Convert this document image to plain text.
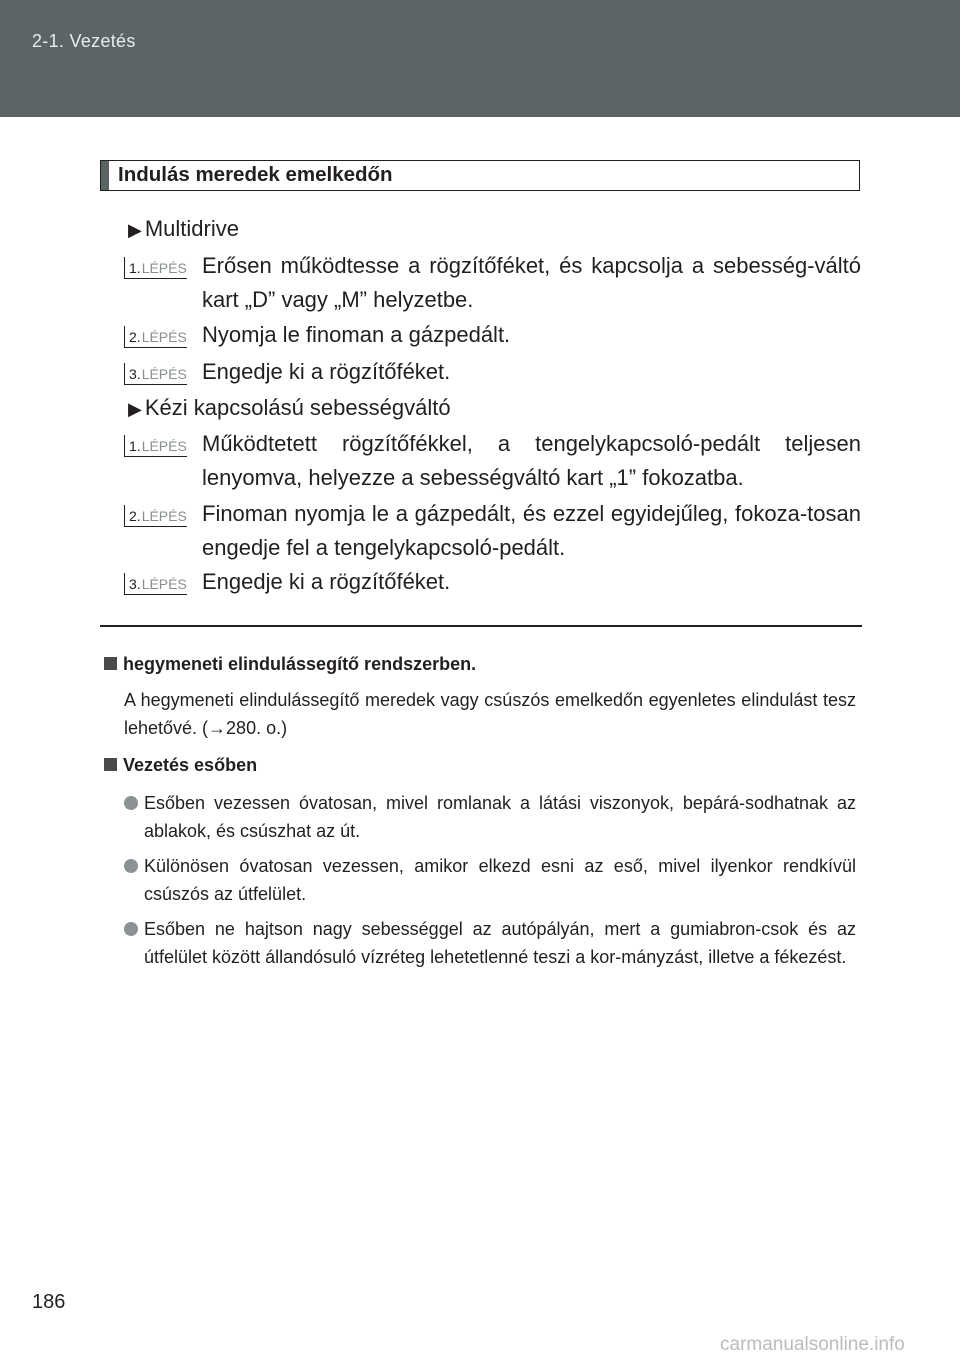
2-1. Vezetés
Indulás meredek emelkedőn
▶ Multidrive
1. LÉPÉS Erősen működtesse a rögzítőféket, és kapcsolja a sebesség-váltó kart „D” vagy „M” helyzetbe.
2. LÉPÉS Nyomja le finoman a gázpedált.
3. LÉPÉS Engedje ki a rögzítőféket.
▶ Kézi kapcsolású sebességváltó
1. LÉPÉS Működtetett rögzítőfékkel, a tengelykapcsoló-pedált teljesen lenyomva, helyezze a sebességváltó kart „1” fokozatba.
2. LÉPÉS Finoman nyomja le a gázpedált, és ezzel egyidejűleg, fokoza-tosan engedje fel a tengelykapcsoló-pedált.
3. LÉPÉS Engedje ki a rögzítőféket.
hegymeneti elindulássegítő rendszerben.
A hegymeneti elindulássegítő meredek vagy csúszós emelkedőn egyenletes elindulást tesz lehetővé. (→280. o.)
Vezetés esőben
Esőben vezessen óvatosan, mivel romlanak a látási viszonyok, bepárá-sodhatnak az ablakok, és csúszhat az út.
Különösen óvatosan vezessen, amikor elkezd esni az eső, mivel ilyenkor rendkívül csúszós az útfelület.
Esőben ne hajtson nagy sebességgel az autópályán, mert a gumiabron-csok és az útfelület között állandósuló vízréteg lehetetlenné teszi a kor-mányzást, illetve a fékezést.
186
carmanualsonline.info
